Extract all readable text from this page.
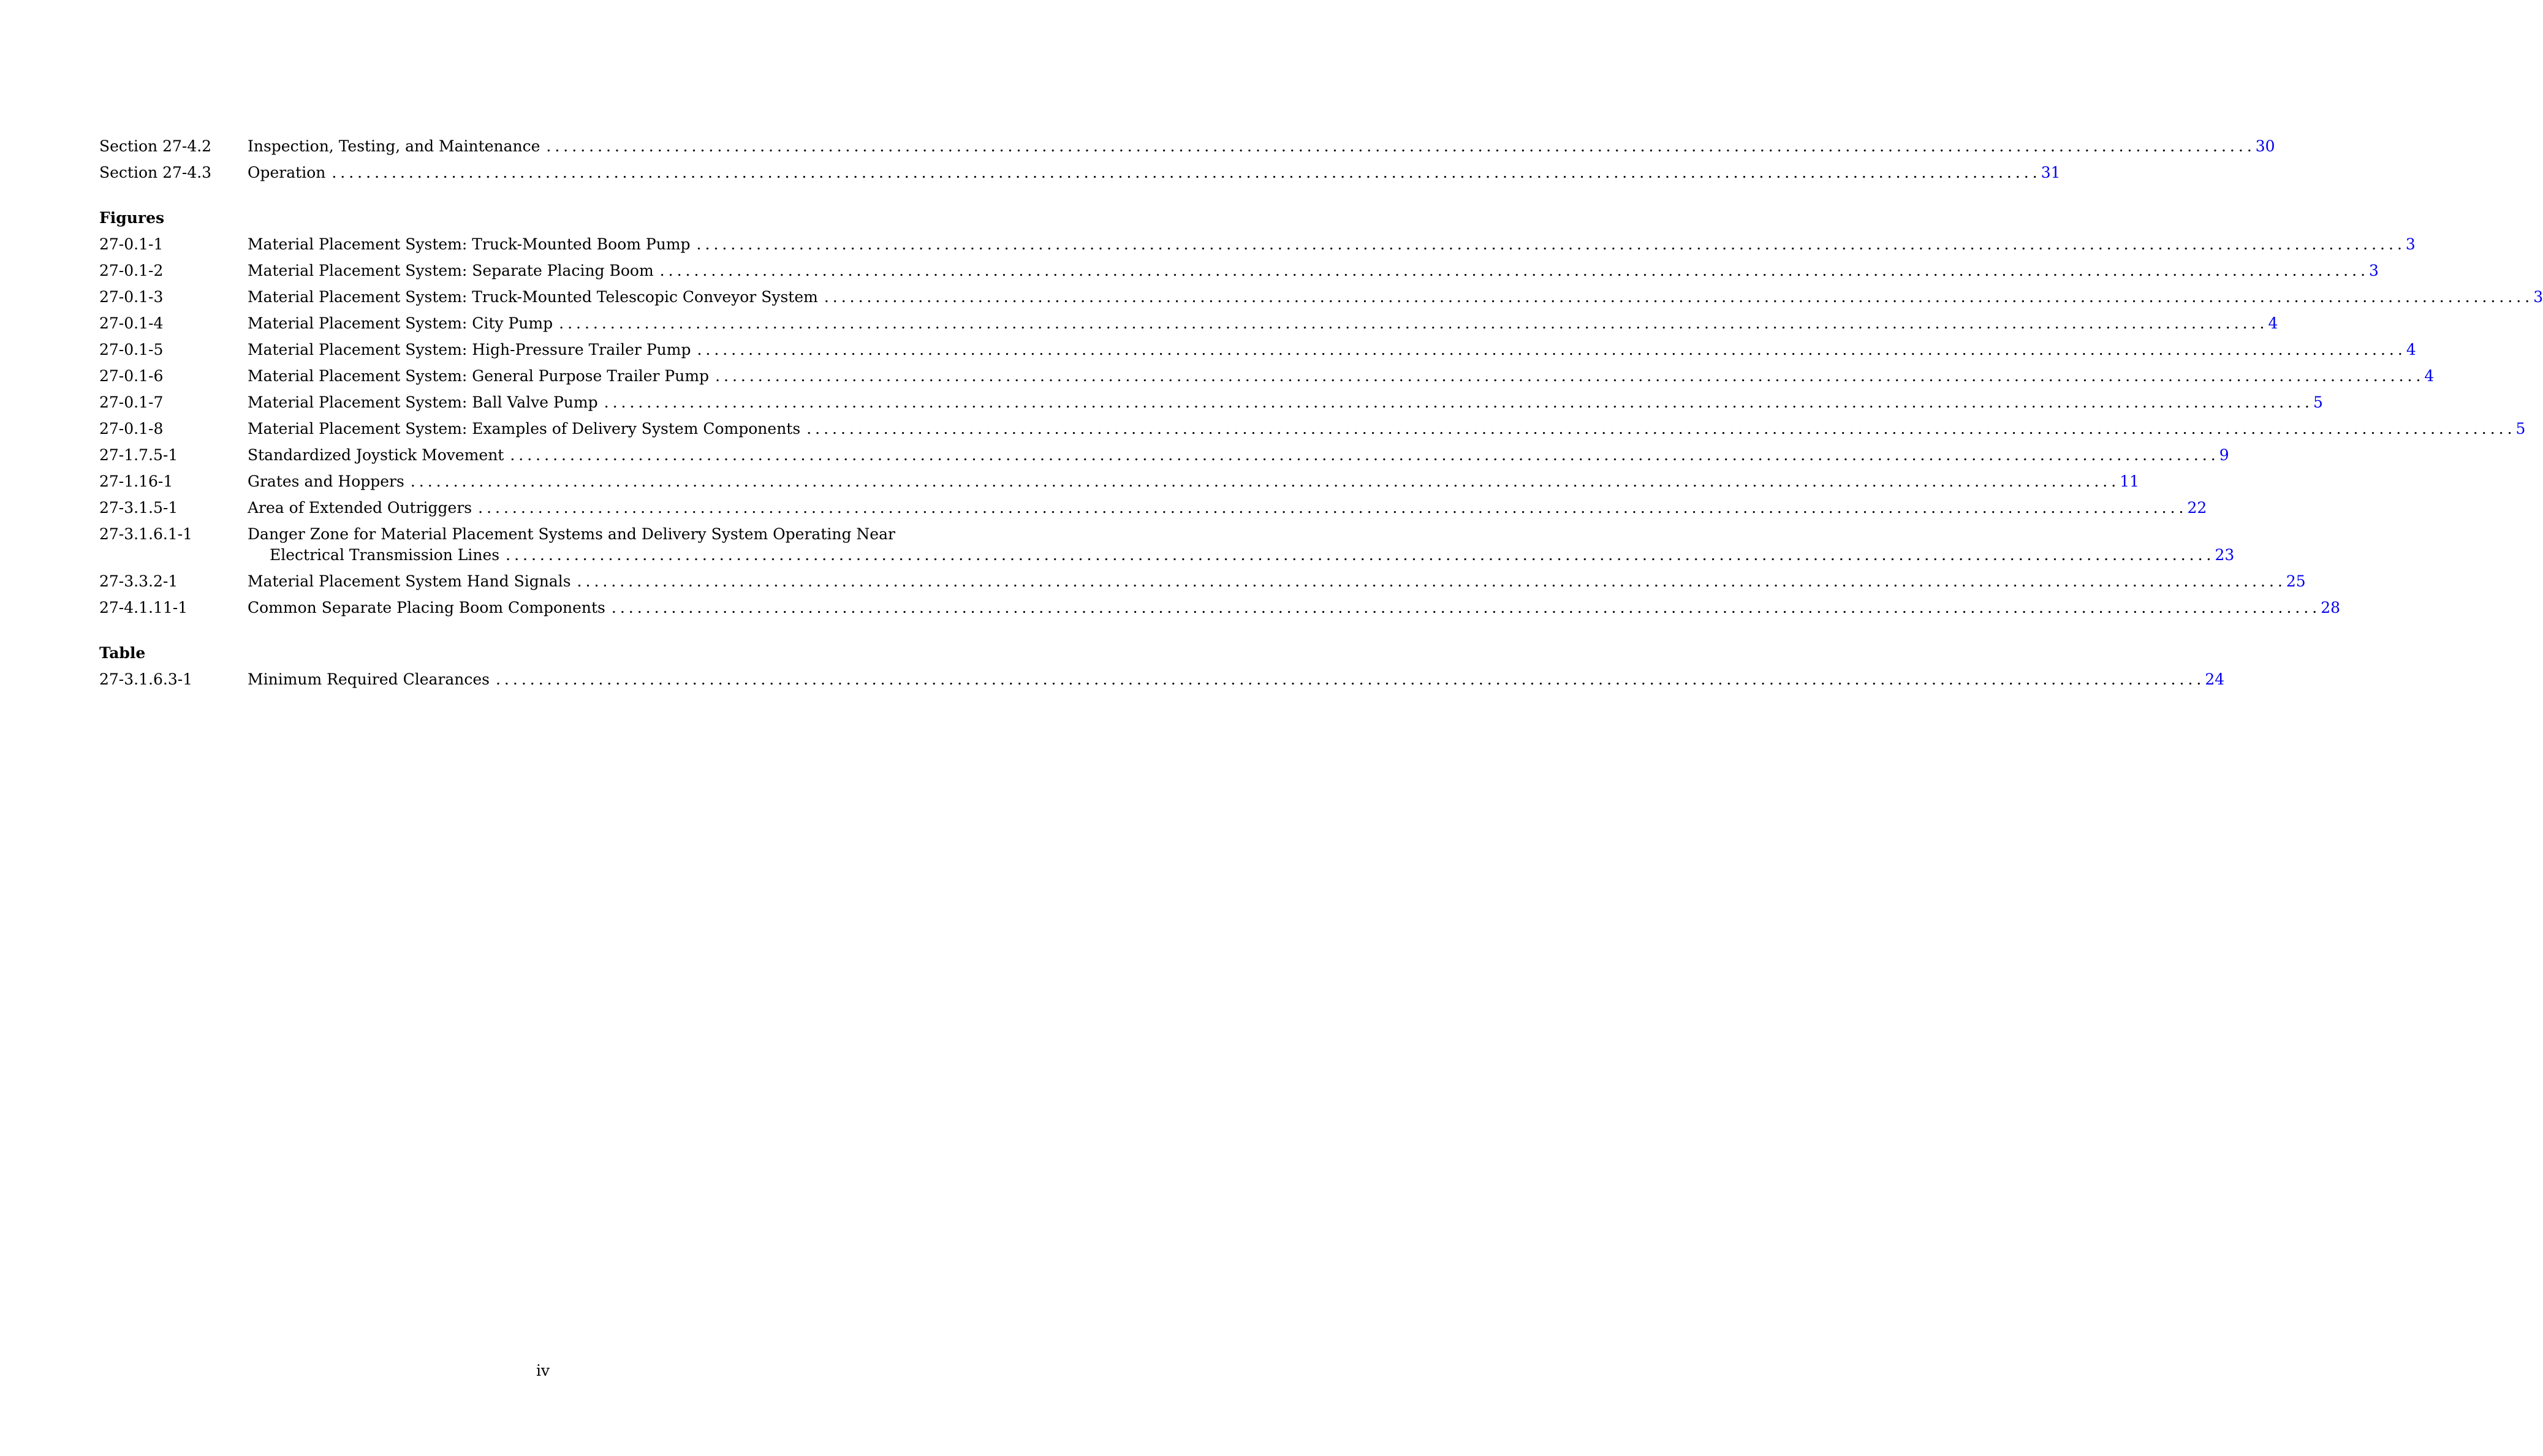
Section 27-4.2	Inspection, Testing, and Maintenance ........................................................................................................................................................................................................ 30
Section 27-4.3	Operation ........................................................................................................................................................................................................ 31
Figures
27-0.1-1	Material Placement System: Truck-Mounted Boom Pump ........................................................................................................................................................................................................ 3
27-0.1-2	Material Placement System: Separate Placing Boom ........................................................................................................................................................................................................ 3
27-0.1-3	Material Placement System: Truck-Mounted Telescopic Conveyor System ........................................................................................................................................................................................................ 3
27-0.1-4	Material Placement System: City Pump ........................................................................................................................................................................................................ 4
27-0.1-5	Material Placement System: High-Pressure Trailer Pump ........................................................................................................................................................................................................ 4
27-0.1-6	Material Placement System: General Purpose Trailer Pump ........................................................................................................................................................................................................ 4
27-0.1-7	Material Placement System: Ball Valve Pump ........................................................................................................................................................................................................ 5
27-0.1-8	Material Placement System: Examples of Delivery System Components ........................................................................................................................................................................................................ 5
27-1.7.5-1	Standardized Joystick Movement ........................................................................................................................................................................................................ 9
27-1.16-1	Grates and Hoppers ........................................................................................................................................................................................................ 11
27-3.1.5-1	Area of Extended Outriggers ........................................................................................................................................................................................................ 22
27-3.1.6.1-1	Danger Zone for Material Placement Systems and Delivery System Operating Near
Electrical Transmission Lines ........................................................................................................................................................................................................ 23
27-3.3.2-1	Material Placement System Hand Signals ........................................................................................................................................................................................................ 25
27-4.1.11-1	Common Separate Placing Boom Components ........................................................................................................................................................................................................ 28
Table
27-3.1.6.3-1	Minimum Required Clearances ........................................................................................................................................................................................................ 24
iv
